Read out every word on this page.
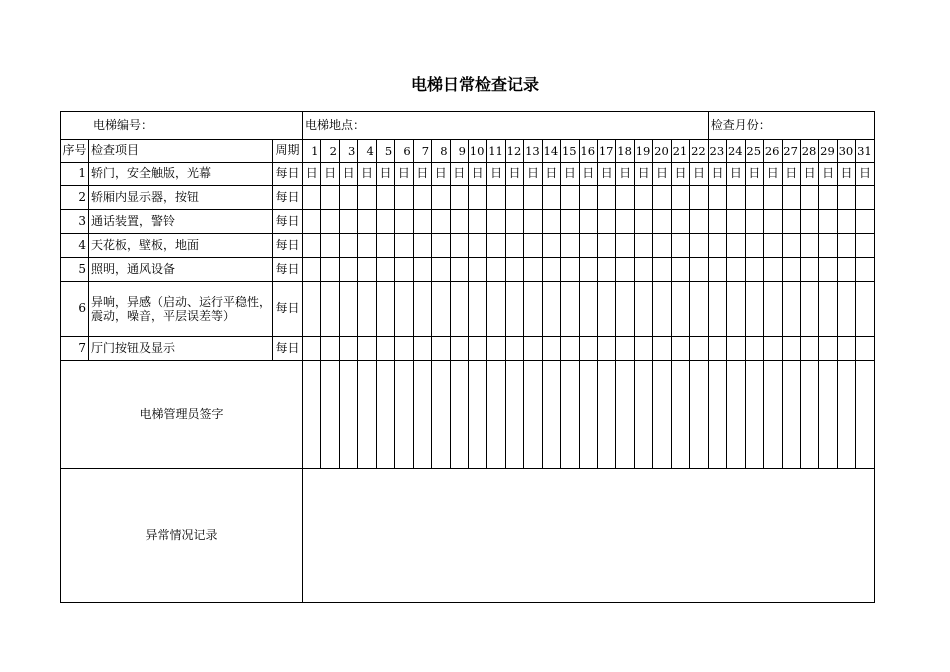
电梯日常检查记录
电梯编号：			电梯地点：																						检查月份：								
序号	检查项目	周期	1	2	3	4	5	6	7	8	9	10	11	12	13	14	15	16	17	18	19	20	21	22	23	24	25	26	27	28	29	30	31
1	轿门，安全触版，光幕	每日	日	日	日	日	日	日	日	日	日	日	日	日	日	日	日	日	日	日	日	日	日	日	日	日	日	日	日	日	日	日	日
2	轿厢内显示器，按钮	每日																															
3	通话装置，警铃	每日																															
4	天花板，壁板，地面	每日																															
5	照明，通风设备	每日																															
6	异响，异感（启动、运行平稳性，震动，噪音，平层误差等）	每日																															
7	厅门按钮及显示	每日																															
电梯管理员签字																																	
异常情况记录																																	
